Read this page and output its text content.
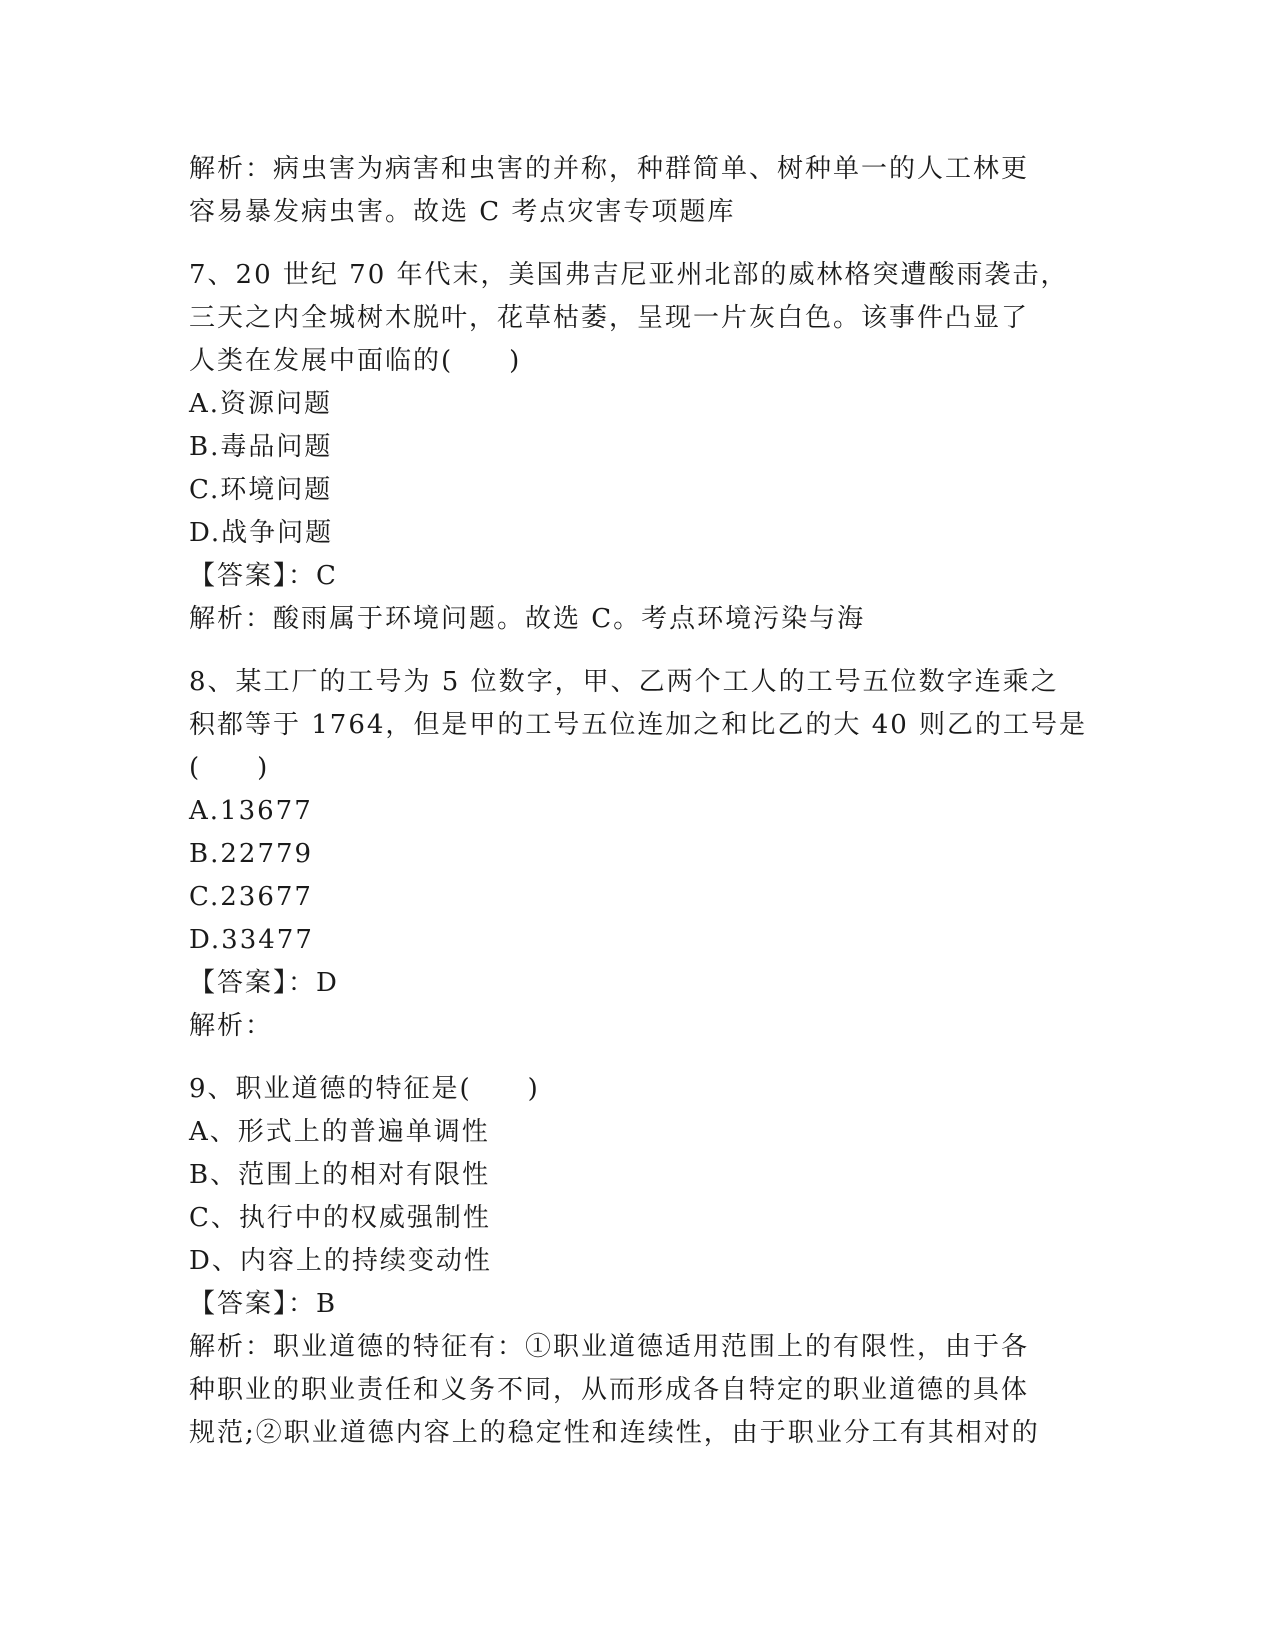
解析：病虫害为病害和虫害的并称，种群简单、树种单一的人工林更
容易暴发病虫害。故选 C 考点灾害专项题库
7、20 世纪 70 年代末，美国弗吉尼亚州北部的威林格突遭酸雨袭击，
三天之内全城树木脱叶，花草枯萎，呈现一片灰白色。该事件凸显了
人类在发展中面临的(　　)
A.资源问题
B.毒品问题
C.环境问题
D.战争问题
【答案】：C
解析：酸雨属于环境问题。故选 C。考点环境污染与海
8、某工厂的工号为 5 位数字，甲、乙两个工人的工号五位数字连乘之
积都等于 1764，但是甲的工号五位连加之和比乙的大 40 则乙的工号是
(　　)
A.13677
B.22779
C.23677
D.33477
【答案】：D
解析：
9、职业道德的特征是(　　)
A、形式上的普遍单调性
B、范围上的相对有限性
C、执行中的权威强制性
D、内容上的持续变动性
【答案】：B
解析：职业道德的特征有：①职业道德适用范围上的有限性，由于各
种职业的职业责任和义务不同，从而形成各自特定的职业道德的具体
规范;②职业道德内容上的稳定性和连续性，由于职业分工有其相对的
